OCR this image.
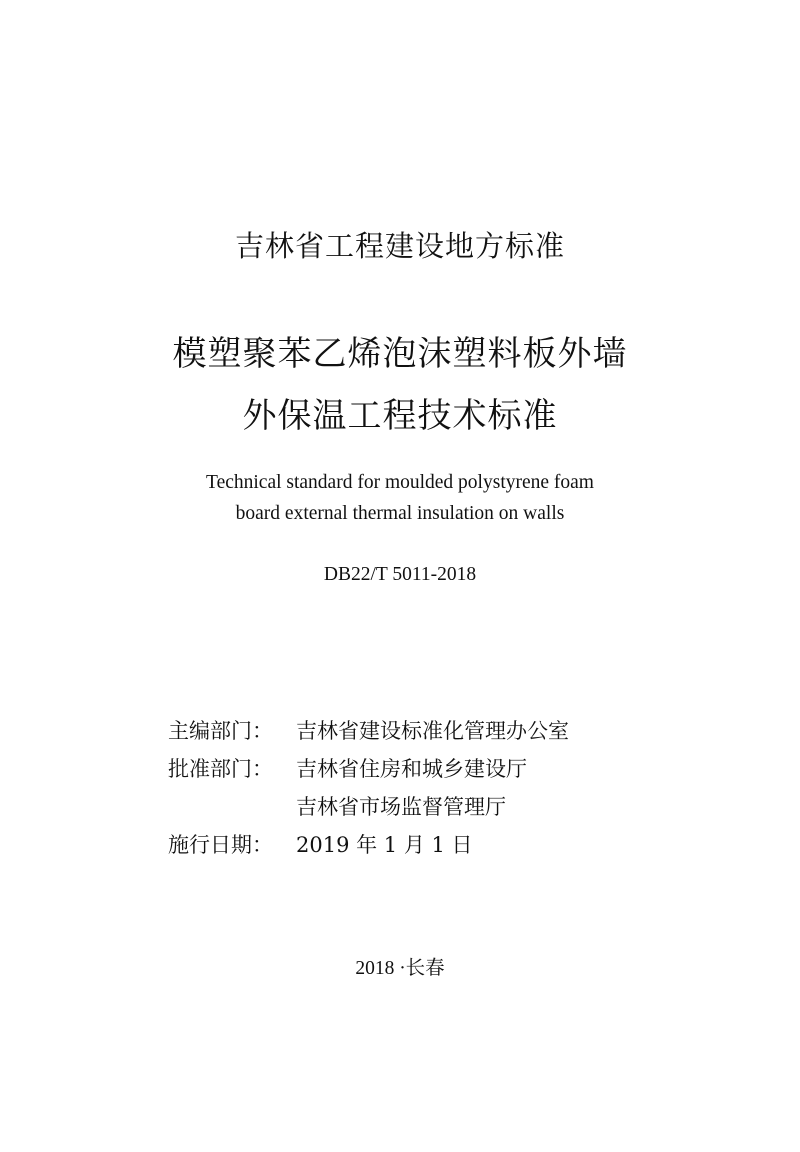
吉林省工程建设地方标准
模塑聚苯乙烯泡沫塑料板外墙
外保温工程技术标准
Technical standard for moulded polystyrene foam
board external thermal insulation on walls
DB22/T 5011-2018
主编部门：	吉林省建设标准化管理办公室
批准部门：	吉林省住房和城乡建设厅
吉林省市场监督管理厅
施行日期：	2019 年 1 月 1 日
2018 ·长春
